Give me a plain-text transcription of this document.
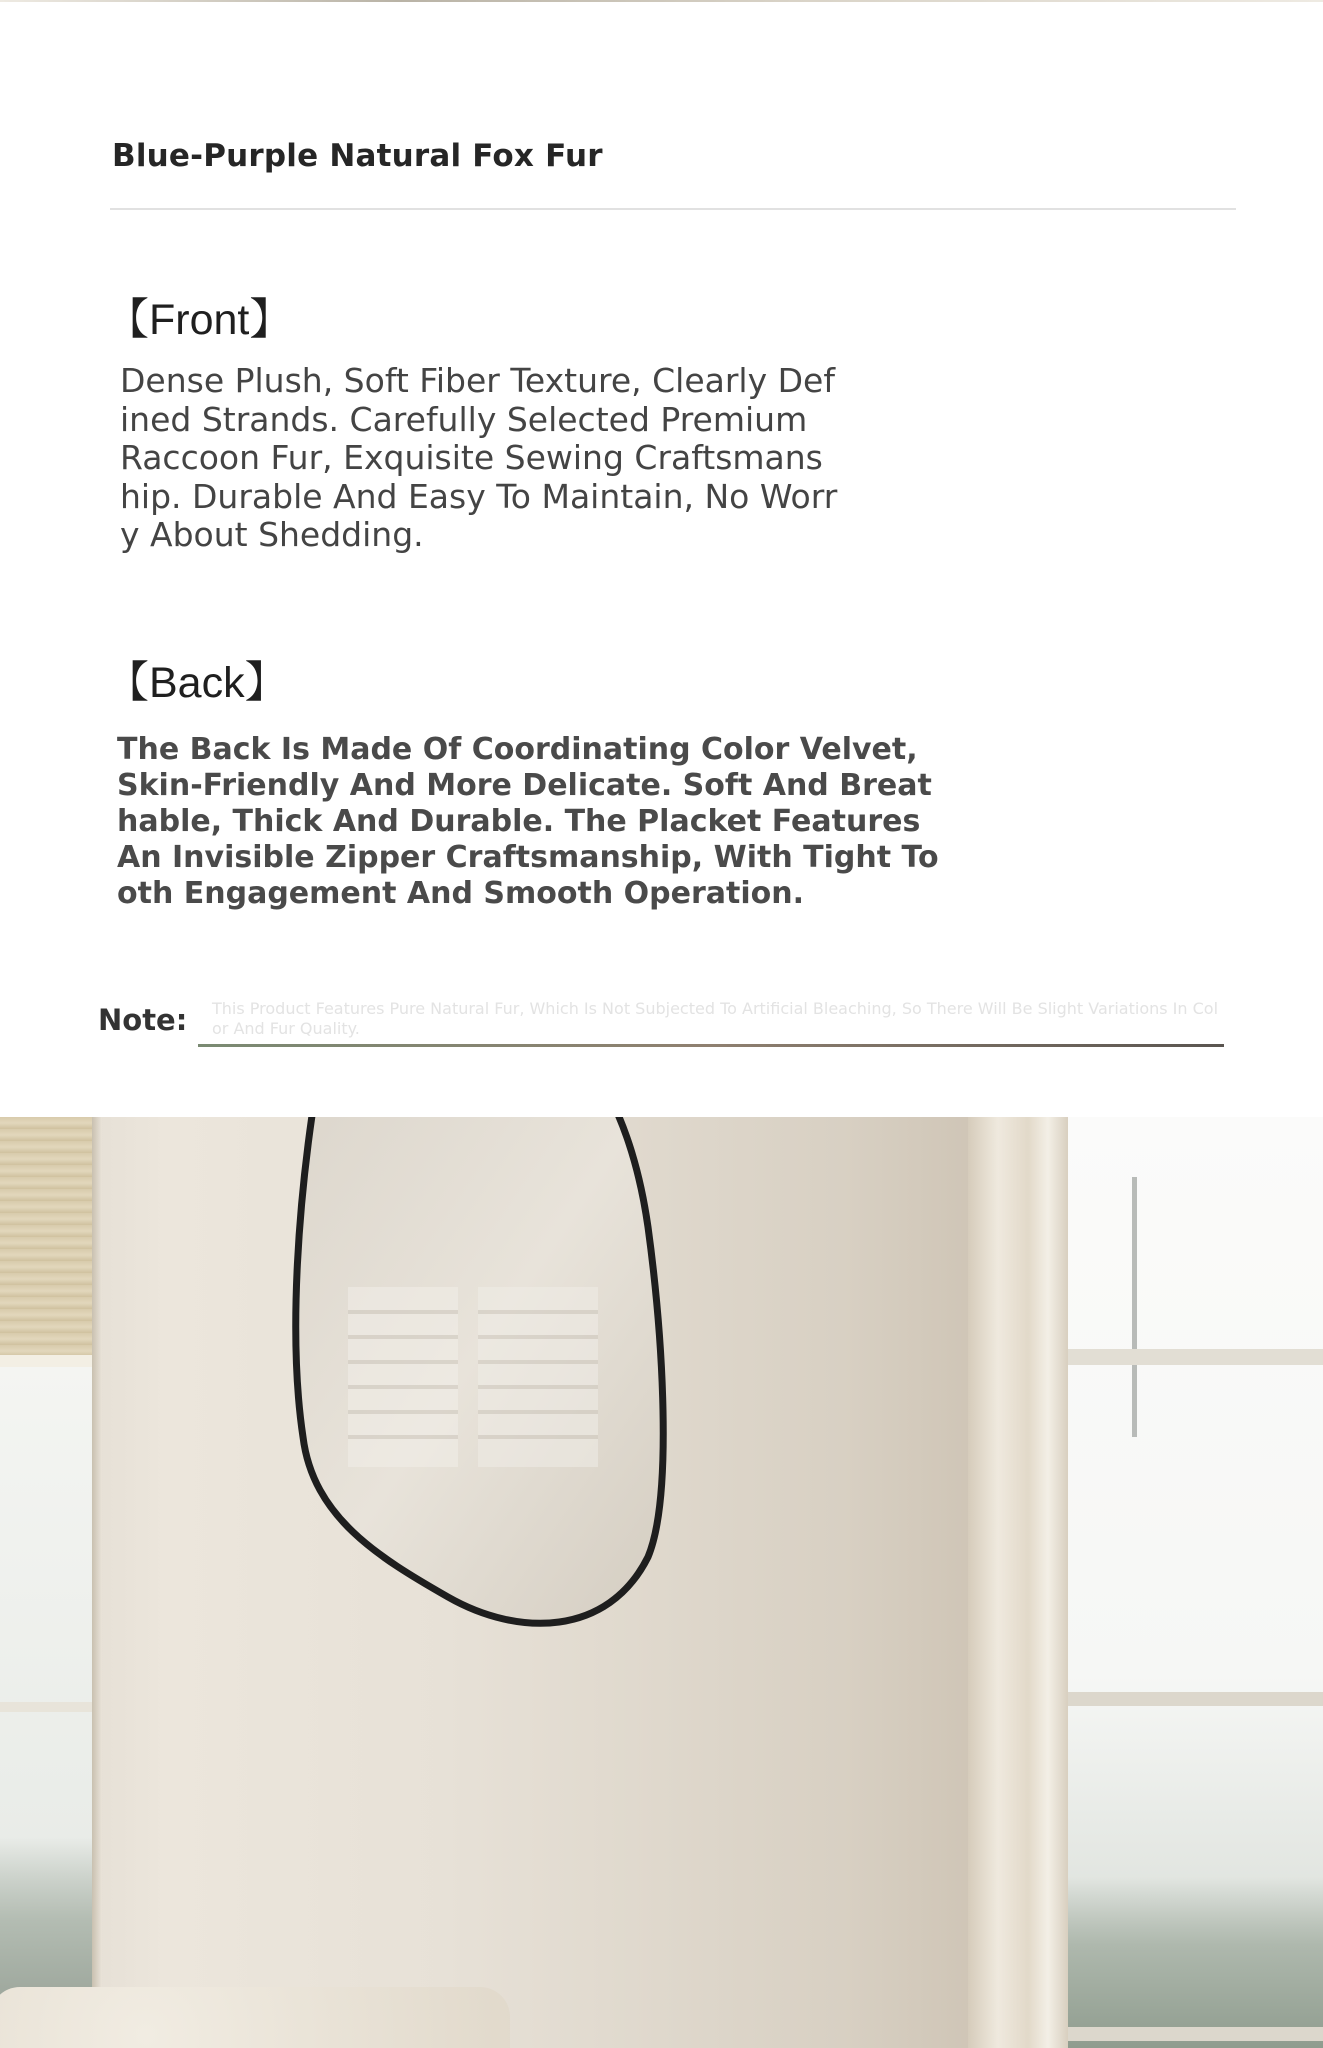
Blue-Purple Natural Fox Fur
【Front】
Dense Plush, Soft Fiber Texture, Clearly Defined Strands. Carefully Selected Premium Raccoon Fur, Exquisite Sewing Craftsmanship. Durable And Easy To Maintain, No Worry About Shedding.
【Back】
The Back Is Made Of Coordinating Color Velvet, Skin-Friendly And More Delicate. Soft And Breathable, Thick And Durable. The Placket Features An Invisible Zipper Craftsmanship, With Tight Tooth Engagement And Smooth Operation.
Note: This Product Features Pure Natural Fur, Which Is Not Subjected To Artificial Bleaching, So There Will Be Slight Variations In Color And Fur Quality.
